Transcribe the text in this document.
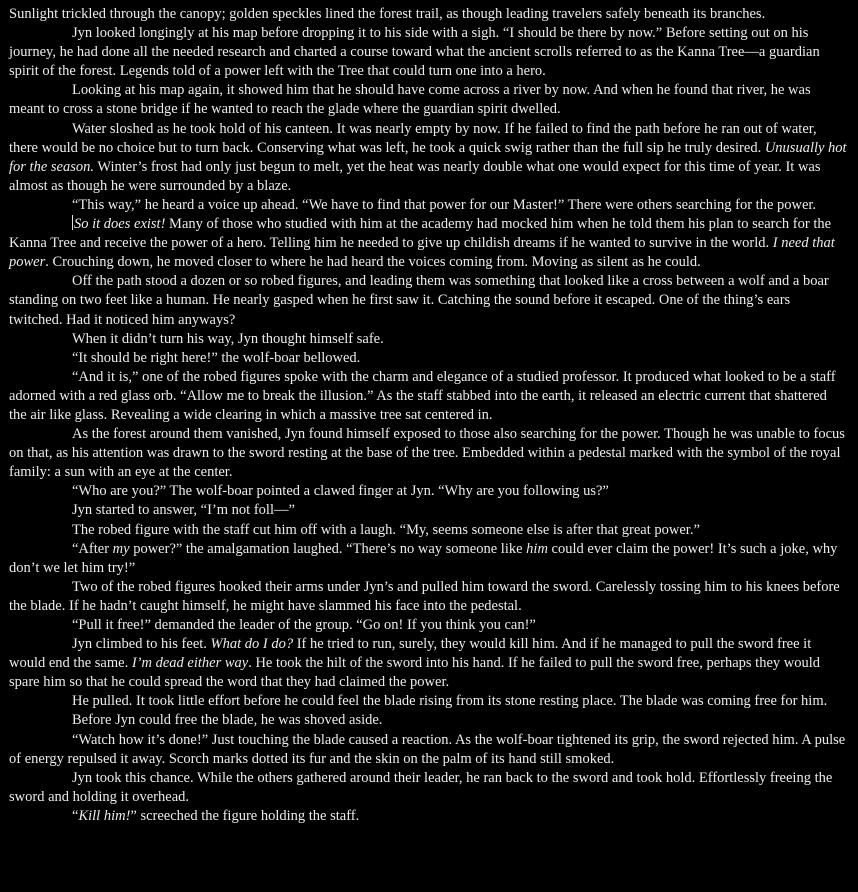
Sunlight trickled through the canopy; golden speckles lined the forest trail, as though leading travelers safely beneath its branches.

Jyn looked longingly at his map before dropping it to his side with a sigh. “I should be there by now.” Before setting out on his journey, he had done all the needed research and charted a course toward what the ancient scrolls referred to as the Kanna Tree—a guardian spirit of the forest. Legends told of a power left with the Tree that could turn one into a hero.

Looking at his map again, it showed him that he should have come across a river by now. And when he found that river, he was meant to cross a stone bridge if he wanted to reach the glade where the guardian spirit dwelled.

Water sloshed as he took hold of his canteen. It was nearly empty by now. If he failed to find the path before he ran out of water, there would be no choice but to turn back. Conserving what was left, he took a quick swig rather than the full sip he truly desired. Unusually hot for the season. Winter’s frost had only just begun to melt, yet the heat was nearly double what one would expect for this time of year. It was almost as though he were surrounded by a blaze.

“This way,” he heard a voice up ahead. “We have to find that power for our Master!” There were others searching for the power.

So it does exist! Many of those who studied with him at the academy had mocked him when he told them his plan to search for the Kanna Tree and receive the power of a hero. Telling him he needed to give up childish dreams if he wanted to survive in the world. I need that power. Crouching down, he moved closer to where he had heard the voices coming from. Moving as silent as he could.

Off the path stood a dozen or so robed figures, and leading them was something that looked like a cross between a wolf and a boar standing on two feet like a human. He nearly gasped when he first saw it. Catching the sound before it escaped. One of the thing’s ears twitched. Had it noticed him anyways?

When it didn’t turn his way, Jyn thought himself safe.

“It should be right here!” the wolf-boar bellowed.

“And it is,” one of the robed figures spoke with the charm and elegance of a studied professor. It produced what looked to be a staff adorned with a red glass orb. “Allow me to break the illusion.” As the staff stabbed into the earth, it released an electric current that shattered the air like glass. Revealing a wide clearing in which a massive tree sat centered in.

As the forest around them vanished, Jyn found himself exposed to those also searching for the power. Though he was unable to focus on that, as his attention was drawn to the sword resting at the base of the tree. Embedded within a pedestal marked with the symbol of the royal family: a sun with an eye at the center.

“Who are you?” The wolf-boar pointed a clawed finger at Jyn. “Why are you following us?”

Jyn started to answer, “I’m not foll—”

The robed figure with the staff cut him off with a laugh. “My, seems someone else is after that great power.”

“After my power?” the amalgamation laughed. “There’s no way someone like him could ever claim the power! It’s such a joke, why don’t we let him try!”

Two of the robed figures hooked their arms under Jyn’s and pulled him toward the sword. Carelessly tossing him to his knees before the blade. If he hadn’t caught himself, he might have slammed his face into the pedestal.

“Pull it free!” demanded the leader of the group. “Go on! If you think you can!”

Jyn climbed to his feet. What do I do? If he tried to run, surely, they would kill him. And if he managed to pull the sword free it would end the same. I’m dead either way. He took the hilt of the sword into his hand. If he failed to pull the sword free, perhaps they would spare him so that he could spread the word that they had claimed the power.

He pulled. It took little effort before he could feel the blade rising from its stone resting place. The blade was coming free for him.

Before Jyn could free the blade, he was shoved aside.

“Watch how it’s done!” Just touching the blade caused a reaction. As the wolf-boar tightened its grip, the sword rejected him. A pulse of energy repulsed it away. Scorch marks dotted its fur and the skin on the palm of its hand still smoked.

Jyn took this chance. While the others gathered around their leader, he ran back to the sword and took hold. Effortlessly freeing the sword and holding it overhead.

“Kill him!” screeched the figure holding the staff.
